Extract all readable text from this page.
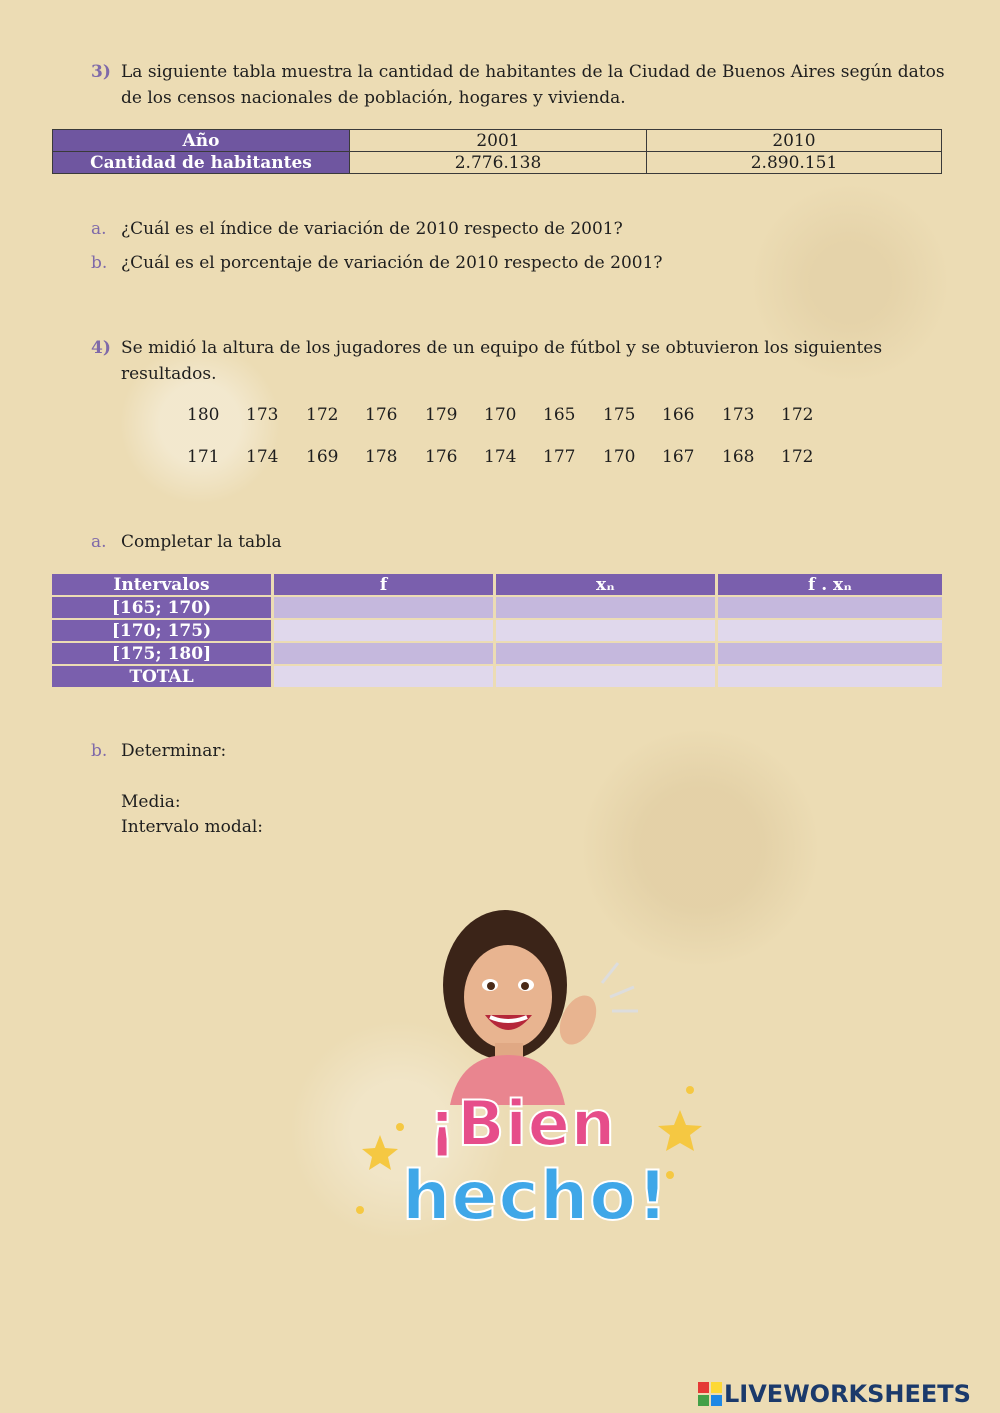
3) La siguiente tabla muestra la cantidad de habitantes de la Ciudad de Buenos Aires según datos
de los censos nacionales de población, hogares y vivienda.
Año	2001	2010
Cantidad de habitantes	2.776.138	2.890.151
a. ¿Cuál es el índice de variación de 2010 respecto de 2001?
b. ¿Cuál es el porcentaje de variación de 2010 respecto de 2001?
4) Se midió la altura de los jugadores de un equipo de fútbol y se obtuvieron los siguientes
resultados.
180 173 172 176 179 170 165 175 166 173 172
171 174 169 178 176 174 177 170 167 168 172
a. Completar la tabla
Intervalos	f	xₙ	f . xₙ
[165; 170)			
[170; 175)			
[175; 180]			
TOTAL			
b. Determinar:
Media:
Intervalo modal:
¡Bien
hecho!
LIVEWORKSHEETS
